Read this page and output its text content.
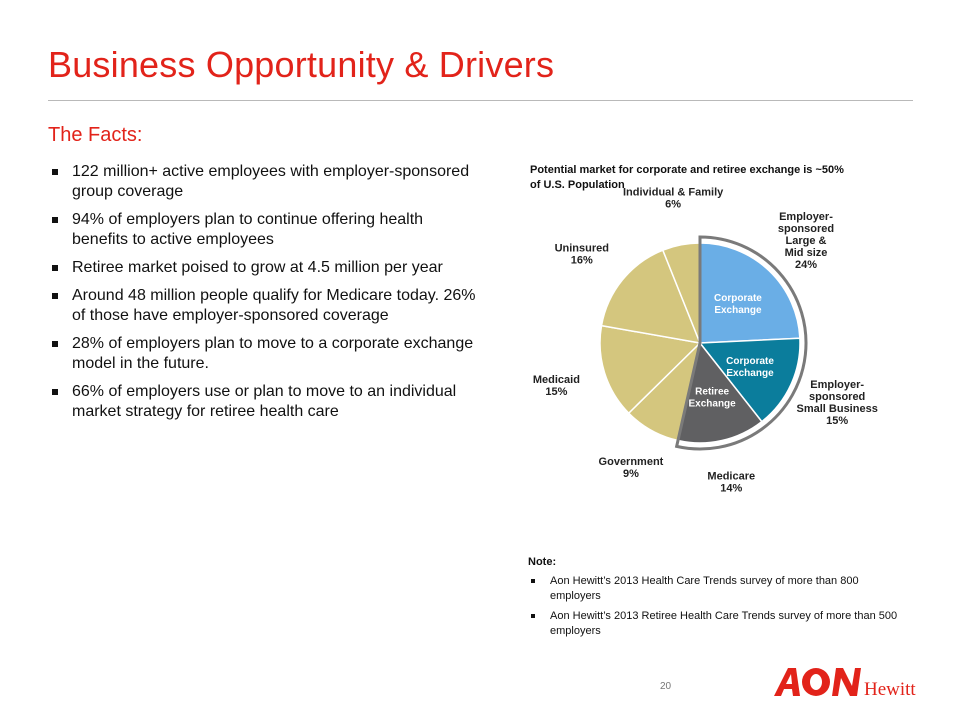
Business Opportunity & Drivers
The Facts:
122 million+ active employees with employer-sponsored group coverage
94% of employers plan to continue offering health benefits to active employees
Retiree market poised to grow at 4.5 million per year
Around 48 million people qualify for Medicare today. 26% of those have employer-sponsored coverage
28% of employers plan to move to a corporate exchange model in the future.
66% of employers use or plan to move to an individual market strategy for retiree health care
Potential market for corporate and retiree exchange is ~50%
of U.S. Population
Corporate
Exchange
Corporate
Exchange
Retiree
Exchange
Employer-
sponsored
Large &
Mid size
24%
Employer-
sponsored
Small Business
15%
Medicare
14%
Government
9%
Medicaid
15%
Uninsured
16%
Individual & Family
6%
Note:
Aon Hewitt’s 2013 Health Care Trends survey of more than 800 employers
Aon Hewitt’s 2013 Retiree Health Care Trends survey of more than 500 employers
20	Hewitt
